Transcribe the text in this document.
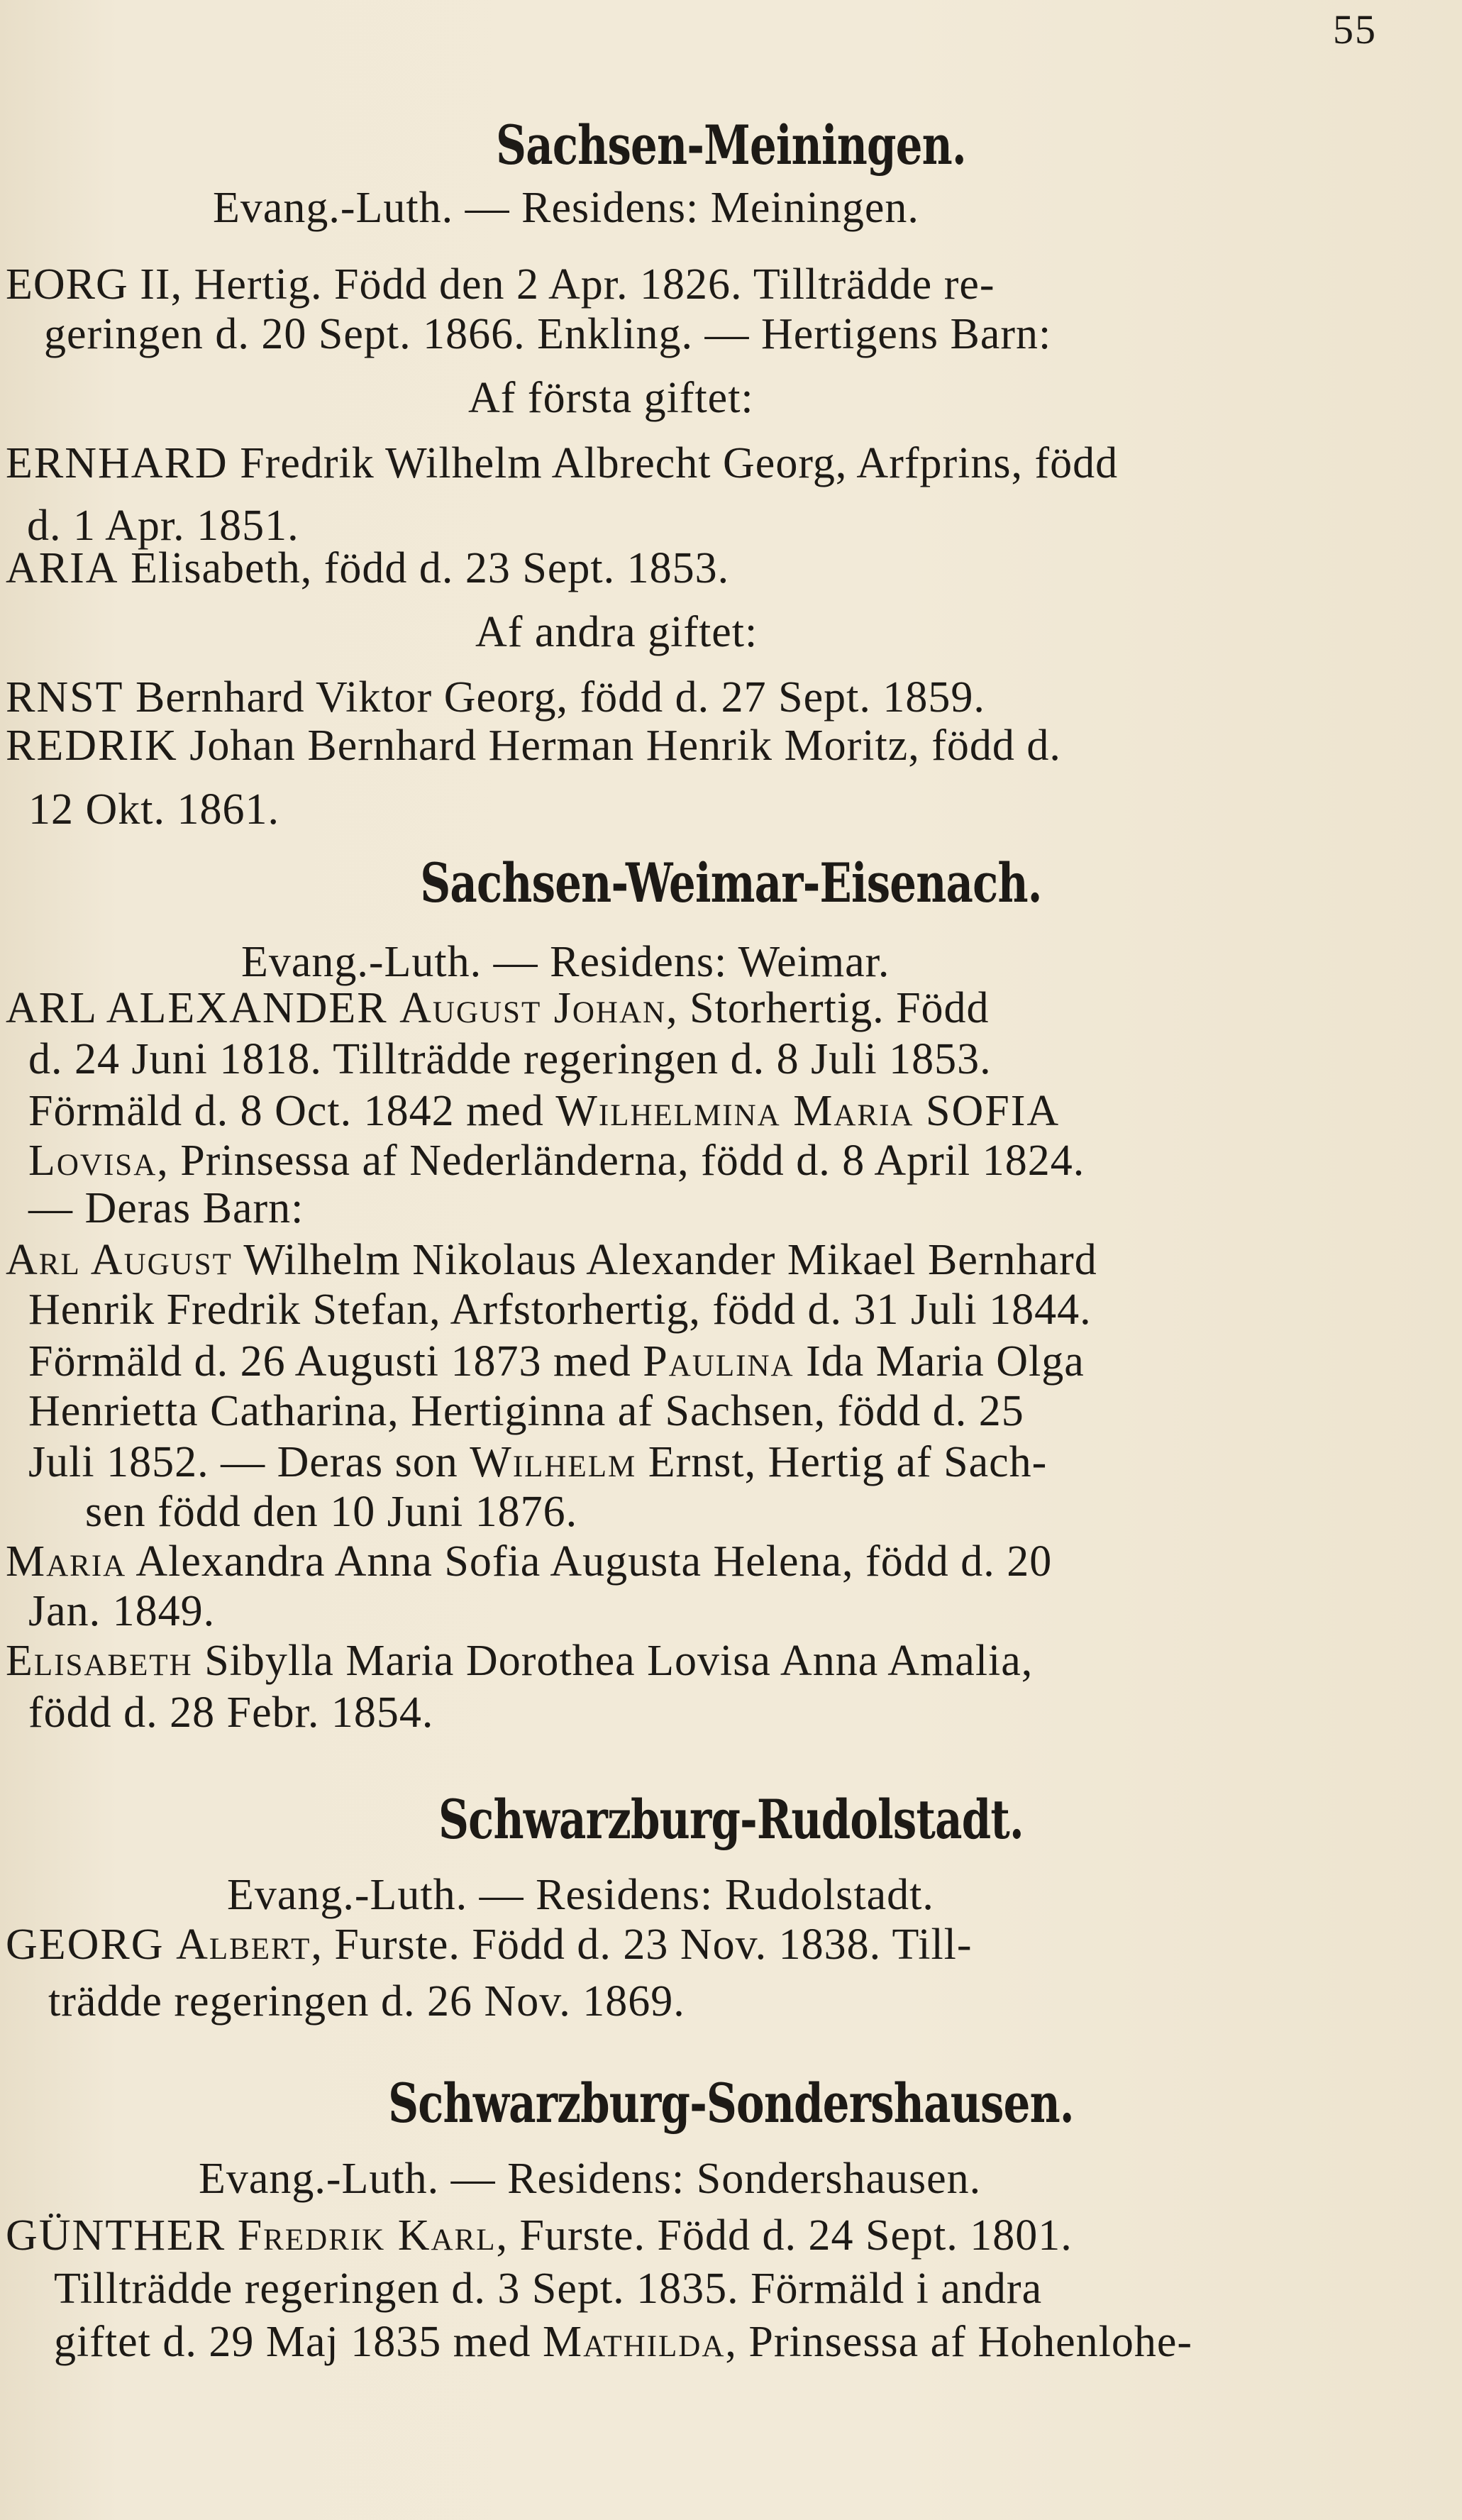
55
Sachsen-Meiningen.
Evang.-Luth. — Residens: Meiningen.
EORG II, Hertig. Född den 2 Apr. 1826. Tillträdde re-
geringen d. 20 Sept. 1866. Enkling. — Hertigens Barn:
Af första giftet:
ERNHARD Fredrik Wilhelm Albrecht Georg, Arfprins, född
d. 1 Apr. 1851.
ARIA Elisabeth, född d. 23 Sept. 1853.
Af andra giftet:
RNST Bernhard Viktor Georg, född d. 27 Sept. 1859.
REDRIK Johan Bernhard Herman Henrik Moritz, född d.
12 Okt. 1861.
Sachsen-Weimar-Eisenach.
Evang.-Luth. — Residens: Weimar.
ARL ALEXANDER August Johan, Storhertig. Född
d. 24 Juni 1818. Tillträdde regeringen d. 8 Juli 1853.
Förmäld d. 8 Oct. 1842 med Wilhelmina Maria SOFIA
Lovisa, Prinsessa af Nederländerna, född d. 8 April 1824.
— Deras Barn:
Arl August Wilhelm Nikolaus Alexander Mikael Bernhard
Henrik Fredrik Stefan, Arfstorhertig, född d. 31 Juli 1844.
Förmäld d. 26 Augusti 1873 med Paulina Ida Maria Olga
Henrietta Catharina, Hertiginna af Sachsen, född d. 25
Juli 1852. — Deras son Wilhelm Ernst, Hertig af Sach-
sen född den 10 Juni 1876.
Maria Alexandra Anna Sofia Augusta Helena, född d. 20
Jan. 1849.
Elisabeth Sibylla Maria Dorothea Lovisa Anna Amalia,
född d. 28 Febr. 1854.
Schwarzburg-Rudolstadt.
Evang.-Luth. — Residens: Rudolstadt.
GEORG Albert, Furste. Född d. 23 Nov. 1838. Till-
trädde regeringen d. 26 Nov. 1869.
Schwarzburg-Sondershausen.
Evang.-Luth. — Residens: Sondershausen.
GÜNTHER Fredrik Karl, Furste. Född d. 24 Sept. 1801.
Tillträdde regeringen d. 3 Sept. 1835. Förmäld i andra
giftet d. 29 Maj 1835 med Mathilda, Prinsessa af Hohenlohe-
